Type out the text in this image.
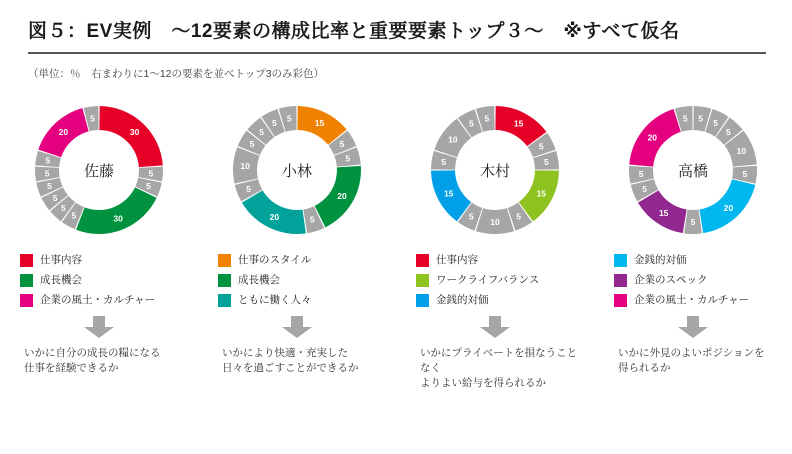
図５：EV実例　〜12要素の構成比率と重要要素トップ３〜　※すべて仮名
（単位：％　右まわりに1〜12の要素を並べトップ3のみ彩色）
30
5
5
30
5
5
5
5
5
5
20
5
佐藤
仕事内容
成長機会
企業の風土・カルチャー
いかに自分の成長の糧になる
仕事を経験できるか
15
5
5
20
5
20
5
10
5
5
5 5
小林
仕事のスタイル
成長機会
ともに働く人々
いかにより快適・充実した
日々を過ごすことができるか
15
5
5
15
5
10
5
15
5
10
5
5
木村
仕事内容
ワークライフバランス
金銭的対価
いかにプライベートを損なうことなく
よりよい給与を得られるか
5 5
5
10
5
20
5
15
5
5
20
5
高橋
金銭的対価
企業のスペック
企業の風土・カルチャー
いかに外見のよいポジションを
得られるか
